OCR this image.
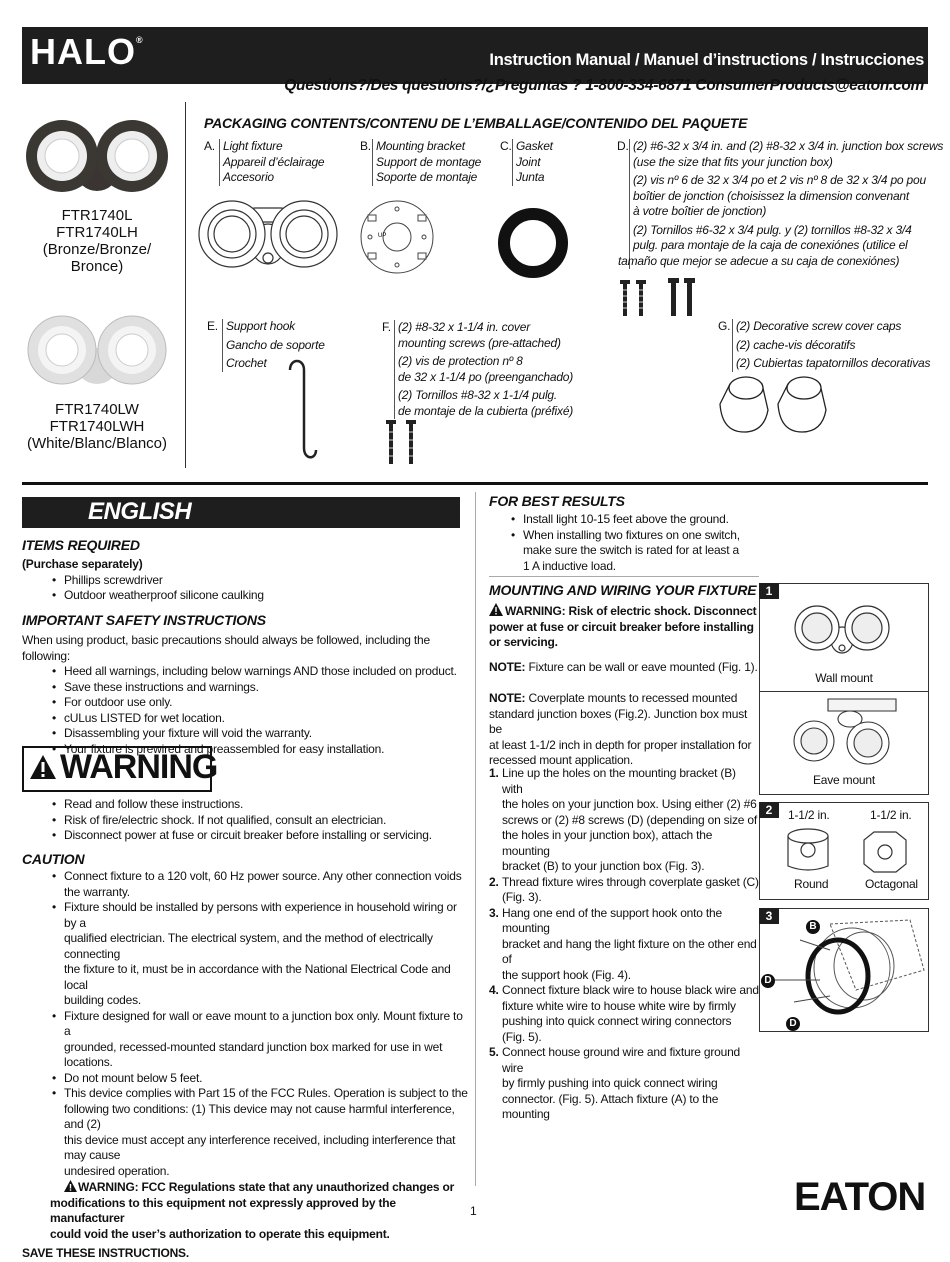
HALO®
Instruction Manual / Manuel d’instructions / Instrucciones
Questions?/Des questions?/¿Preguntas ? 1-800-334-6871 ConsumerProducts@eaton.com
FTR1740L
FTR1740LH
(Bronze/Bronze/
Bronce)
FTR1740LW
FTR1740LWH
(White/Blanc/Blanco)
PACKAGING CONTENTS/CONTENU DE L’EMBALLAGE/CONTENIDO DEL PAQUETE
A. Light fixture
Appareil d’éclairage
Accesorio
B. Mounting bracket
Support de montage
Soporte de montaje
UP
C. Gasket
Joint
Junta
D. (2) #6-32 x 3/4 in. and (2) #8-32 x 3/4 in. junction box screws
(use the size that fits your junction box)
(2) vis nº 6 de 32 x 3/4 po et 2 vis nº 8 de 32 x 3/4 po pou
boîtier de jonction (choisissez la dimension convenant
à votre boîtier de jonction)
(2) Tornillos #6-32 x 3/4 pulg. y (2) tornillos #8-32 x 3/4
pulg. para montaje de la caja de conexiónes (utilice el
tamaño que mejor se adecue a su caja de conexiónes)
E. Support hook
Gancho de soporte
Crochet
F. (2) #8-32 x 1-1/4 in. cover
mounting screws (pre-attached)
(2) vis de protection nº 8
de 32 x 1-1/4 po (preenganchado)
(2) Tornillos #8-32 x 1-1/4 pulg.
de montaje de la cubierta (préfixé)
G. (2) Decorative screw cover caps
(2) cache-vis décoratifs
(2) Cubiertas tapatornillos decorativas
ENGLISH
ITEMS REQUIRED
(Purchase separately)
• Phillips screwdriver
• Outdoor weatherproof silicone caulking
IMPORTANT SAFETY INSTRUCTIONS
When using product, basic precautions should always be followed, including the following:
• Heed all warnings, including below warnings AND those included on product.
• Save these instructions and warnings.
• For outdoor use only.
• cULus LISTED for wet location.
• Disassembling your fixture will void the warranty.
• Your fixture is prewired and preassembled for easy installation.
WARNING
• Read and follow these instructions.
• Risk of fire/electric shock. If not qualified, consult an electrician.
• Disconnect power at fuse or circuit breaker before installing or servicing.
CAUTION
• Connect fixture to a 120 volt, 60 Hz power source. Any other connection voids
the warranty.
• Fixture should be installed by persons with experience in household wiring or by a
qualified electrician. The electrical system, and the method of electrically connecting
the fixture to it, must be in accordance with the National Electrical Code and local
building codes.
• Fixture designed for wall or eave mount to a junction box only. Mount fixture to a
grounded, recessed-mounted standard junction box marked for use in wet locations.
• Do not mount below 5 feet.
• This device complies with Part 15 of the FCC Rules. Operation is subject to the
following two conditions: (1) This device may not cause harmful interference, and (2)
this device must accept any interference received, including interference that may cause
undesired operation.
WARNING: FCC Regulations state that any unauthorized changes or
modifications to this equipment not expressly approved by the manufacturer
could void the user’s authorization to operate this equipment.
SAVE THESE INSTRUCTIONS.
FOR BEST RESULTS
• Install light 10-15 feet above the ground.
• When installing two fixtures on one switch,
make sure the switch is rated for at least a
1 A inductive load.
MOUNTING AND WIRING YOUR FIXTURE
WARNING: Risk of electric shock. Disconnect
power at fuse or circuit breaker before installing
or servicing.
NOTE: Fixture can be wall or eave mounted (Fig. 1).
NOTE: Coverplate mounts to recessed mounted
standard junction boxes (Fig.2). Junction box must be
at least 1-1/2 inch in depth for proper installation for
recessed mount application.
1. Line up the holes on the mounting bracket (B) with
the holes on your junction box. Using either (2) #6
screws or (2) #8 screws (D) (depending on size of
the holes in your junction box), attach the mounting
bracket (B) to your junction box (Fig. 3).
2. Thread fixture wires through coverplate gasket (C)
(Fig. 3).
3. Hang one end of the support hook onto the mounting
bracket and hang the light fixture on the other end of
the support hook (Fig. 4).
4. Connect fixture black wire to house black wire and
fixture white wire to house white wire by firmly
pushing into quick connect wiring connectors
(Fig. 5).
5. Connect house ground wire and fixture ground wire
by firmly pushing into quick connect wiring
connector. (Fig. 5). Attach fixture (A) to the mounting
1
Wall mount
Eave mount
2	1-1/2 in.	1-1/2 in.
Round	Octagonal
3
B
D
D
1	EATON
